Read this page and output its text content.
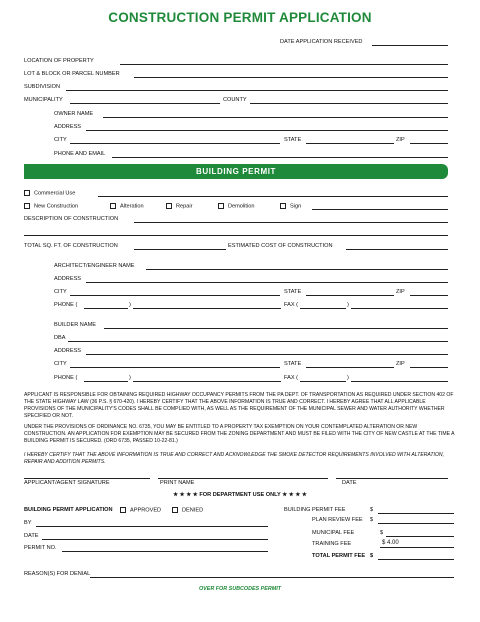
CONSTRUCTION PERMIT APPLICATION
DATE APPLICATION RECEIVED
LOCATION OF PROPERTY
LOT & BLOCK OR PARCEL NUMBER
SUBDIVISION
MUNICIPALITY	COUNTY
OWNER NAME
ADDRESS
CITY	STATE	ZIP
PHONE AND EMAIL
BUILDING PERMIT
Commercial Use
New Construction	Alteration	Repair	Demolition	Sign
DESCRIPTION OF CONSTRUCTION
TOTAL SQ. FT. OF CONSTRUCTION	ESTIMATED COST OF CONSTRUCTION
ARCHITECT/ENGINEER NAME
ADDRESS
CITY	STATE	ZIP
PHONE (	)	FAX (	)
BUILDER NAME
DBA
ADDRESS
CITY	STATE	ZIP
PHONE (	)	FAX (	)
APPLICANT IS RESPONSIBLE FOR OBTAINING REQUIRED HIGHWAY OCCUPANCY PERMITS FROM THE PA DEPT. OF TRANSPORTATION AS REQUIRED UNDER SECTION 402 OF THE STATE HIGHWAY LAW (36 P.S. § 670-420). I HEREBY CERTIFY THAT THE ABOVE INFORMATION IS TRUE AND CORRECT. I HEREBY AGREE THAT ALL APPLICABLE PROVISIONS OF THE MUNICIPALITY'S CODES SHALL BE COMPLIED WITH, AS WELL AS THE REQUIREMENT OF THE MUNICIPAL SEWER AND WATER AUTHORITY WHETHER SPECIFIED OR NOT.
UNDER THE PROVISIONS OF ORDINANCE NO. 6735, YOU MAY BE ENTITLED TO A PROPERTY TAX EXEMPTION ON YOUR CONTEMPLATED ALTERATION OR NEW CONSTRUCTION. AN APPLICATION FOR EXEMPTION MAY BE SECURED FROM THE ZONING DEPARTMENT AND MUST BE FILED WITH THE CITY OF NEW CASTLE AT THE TIME A BUILDING PERMIT IS SECURED. (ORD 6735, PASSED 10-22-81.)
I HEREBY CERTIFY THAT THE ABOVE INFORMATION IS TRUE AND CORRECT AND ACKNOWLEDGE THE SMOKE DETECTOR REQUIREMENTS INVOLVED WITH ALTERATION, REPAIR AND ADDITION PERMITS.
APPLICANT/AGENT SIGNATURE	PRINT NAME	DATE
★ ★ ★ ★ FOR DEPARTMENT USE ONLY ★ ★ ★ ★
BUILDING PERMIT APPLICATION	APPROVED	DENIED
BY
DATE
PERMIT NO.
BUILDING PERMIT FEE	$
PLAN REVIEW FEE $
MUNICIPAL FEE	$
TRAINING FEE	$ 4.00
TOTAL PERMIT FEE $
REASON(S) FOR DENIAL
OVER FOR SUBCODES PERMIT
